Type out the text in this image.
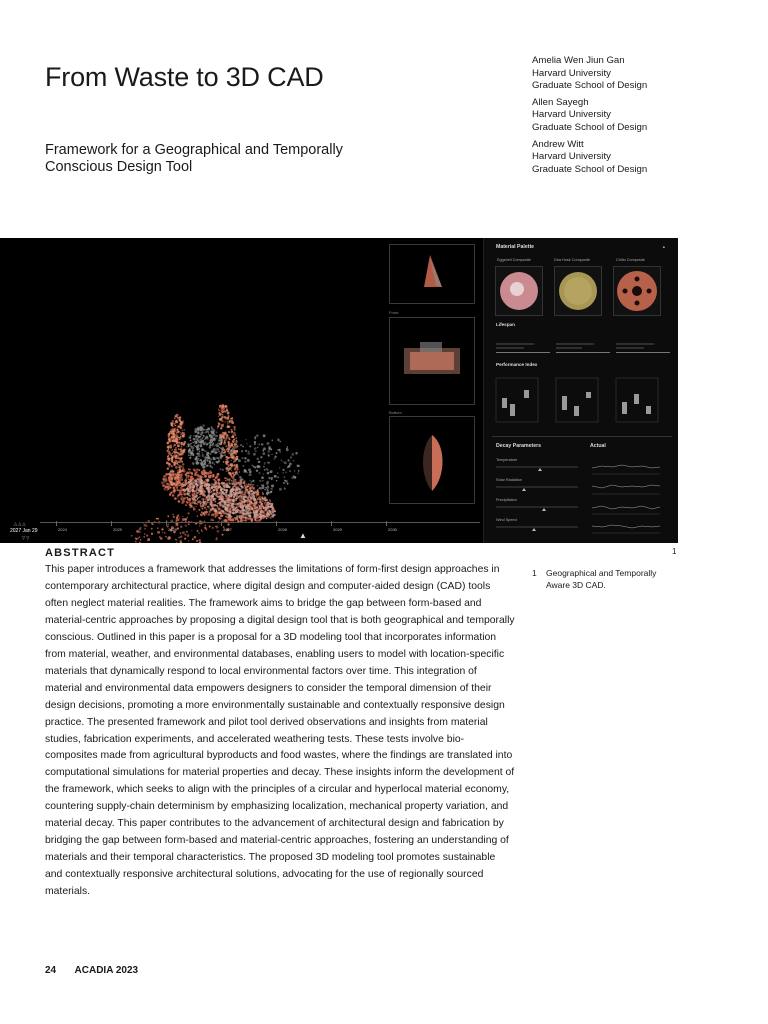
From Waste to 3D CAD

Framework for a Geographical and Temporally Conscious Design Tool

Amelia Wen Jiun Gan
Harvard University
Graduate School of Design
Allen Sayegh
Harvard University
Graduate School of Design
Andrew Witt
Harvard University
Graduate School of Design
Front
Bottom
Material Palette	▲
Eggshell Composite	Dira Husk Composite	Chitin Composite
Lifespan
Performance Index
Decay Parameters	Actual
Temperature
Solar Radiation
Precipitation
Wind Speed
△ △ △
2027 Jan 29
▽ ▽
2024	2025	2026	2027	2028	2029	2030
▲
ABSTRACT	1

This paper introduces a framework that addresses the limitations of form-first design approaches in contemporary architectural practice, where digital design and computer-aided design (CAD) tools often neglect material realities. The framework aims to bridge the gap between form-based and material-centric approaches by proposing a digital design tool that is both geographical and temporally conscious. Outlined in this paper is a proposal for a 3D modeling tool that incorporates information from material, weather, and environmental databases, enabling users to model with location-specific materials that dynamically respond to local environmental factors over time. This integration of material and environmental data empowers designers to consider the temporal dimension of their design decisions, promoting a more environmentally sustainable and contextually responsive design practice. The presented framework and pilot tool derived observations and insights from material studies, fabrication experiments, and accelerated weathering tests. These tests involve bio-composites made from agricultural byproducts and food wastes, where the findings are translated into computational simulations for material properties and decay. These insights inform the development of the framework, which seeks to align with the principles of a circular and hyperlocal material economy, countering supply-chain determinism by emphasizing localization, mechanical property variation, and material decay. This paper contributes to the advancement of architectural design and fabrication by bridging the gap between form-based and material-centric approaches, fostering an understanding of materials and their temporal characteristics. The proposed 3D modeling tool promotes sustainable and contextually responsive architectural solutions, advocating for the use of regionally sourced materials.

1	Geographical and Temporally Aware 3D CAD.
24 ACADIA 2023
